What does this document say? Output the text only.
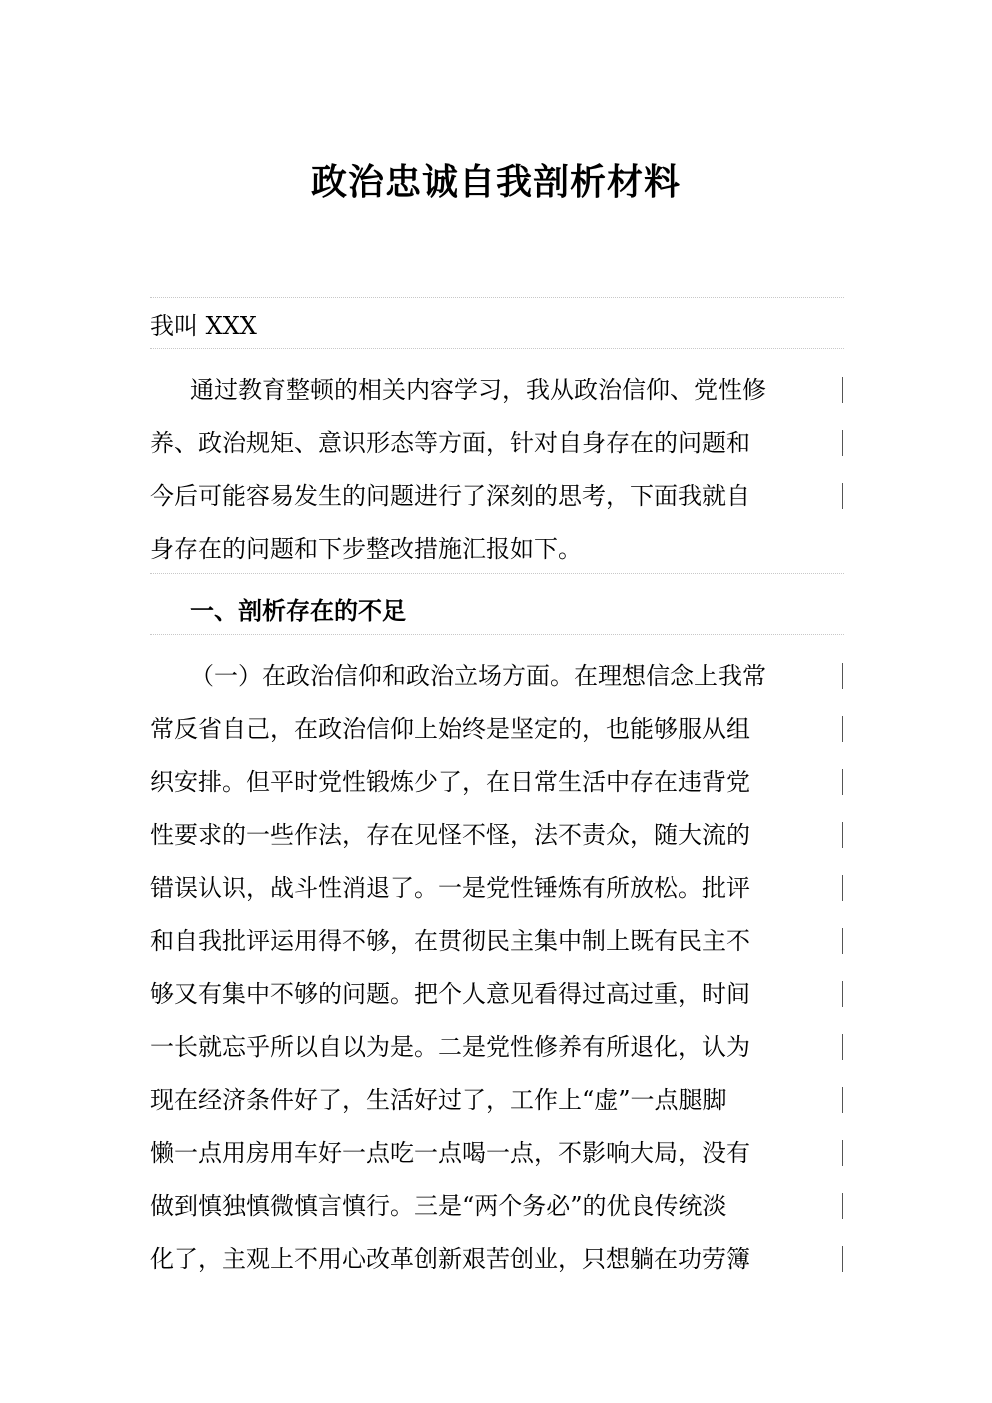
政治忠诚自我剖析材料
我叫 XXX
通过教育整顿的相关内容学习，我从政治信仰、党性修
养、政治规矩、意识形态等方面，针对自身存在的问题和
今后可能容易发生的问题进行了深刻的思考，下面我就自
身存在的问题和下步整改措施汇报如下。
一、剖析存在的不足
（一）在政治信仰和政治立场方面。在理想信念上我常
常反省自己，在政治信仰上始终是坚定的，也能够服从组
织安排。但平时党性锻炼少了，在日常生活中存在违背党
性要求的一些作法，存在见怪不怪，法不责众，随大流的
错误认识，战斗性消退了。一是党性锤炼有所放松。批评
和自我批评运用得不够，在贯彻民主集中制上既有民主不
够又有集中不够的问题。把个人意见看得过高过重，时间
一长就忘乎所以自以为是。二是党性修养有所退化，认为
现在经济条件好了，生活好过了，工作上“虚”一点腿脚
懒一点用房用车好一点吃一点喝一点，不影响大局，没有
做到慎独慎微慎言慎行。三是“两个务必”的优良传统淡
化了，主观上不用心改革创新艰苦创业，只想躺在功劳簿
